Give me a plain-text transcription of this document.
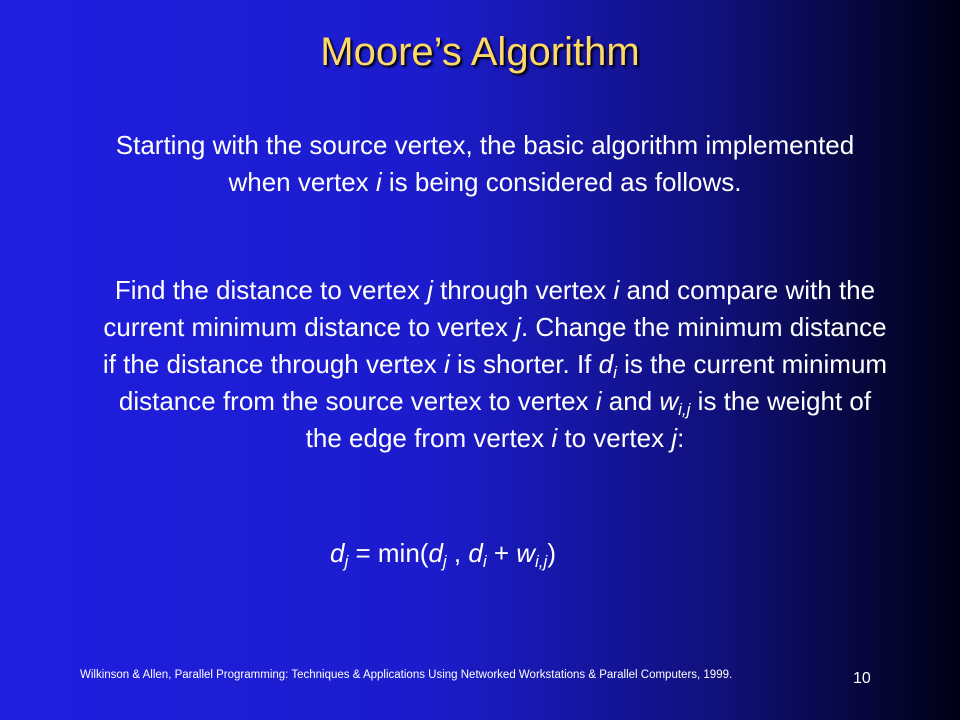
Moore’s Algorithm

Starting with the source vertex, the basic algorithm implemented when vertex i is being considered as follows.

Find the distance to vertex j through vertex i and compare with the current minimum distance to vertex j. Change the minimum distance if the distance through vertex i is shorter. If $d_i$ is the current minimum distance from the source vertex to vertex i and $w_{i,j}$ is the weight of the edge from vertex i to vertex j:

$d_j = \min(d_j$ , $d_i + w_{i,j}$)

Wilkinson & Allen, Parallel Programming: Techniques & Applications Using Networked Workstations & Parallel Computers, 1999.	10
